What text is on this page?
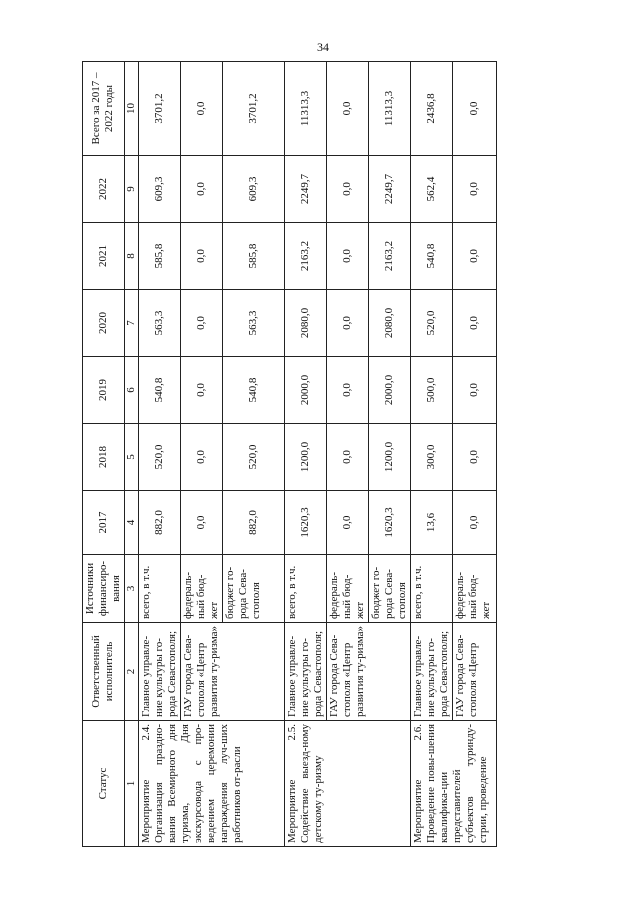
34
Статус	Ответственный исполнитель	Источники финансиро-вания	2017	2018	2019	2020	2021	2022	Всего за 2017 – 2022 годы
1	2	3	4	5	6	7	8	9	10
Мероприятие 2.4. Организация праздно-вания Всемирного дня туризма, Дня экскурсовода с про-ведением церемонии награждения луч-ших работников от-расли	Главное управле-ние культуры го-рода Севастополя;	всего, в т.ч.	882,0	520,0	540,8	563,3	585,8	609,3	3701,2
	ГАУ города Сева-стополя «Центр развития ту-ризма»	федераль-ный бюд-жет	0,0	0,0	0,0	0,0	0,0	0,0	0,0
		бюджет го-рода Сева-стополя	882,0	520,0	540,8	563,3	585,8	609,3	3701,2
Мероприятие 2.5. Содействие выезд-ному детскому ту-ризму	Главное управле-ние культуры го-рода Севастополя;	всего, в т.ч.	1620,3	1200,0	2000,0	2080,0	2163,2	2249,7	11313,3
	ГАУ города Сева-стополя «Центр развития ту-ризма»	федераль-ный бюд-жет	0,0	0,0	0,0	0,0	0,0	0,0	0,0
		бюджет го-рода Сева-стополя	1620,3	1200,0	2000,0	2080,0	2163,2	2249,7	11313,3
Мероприятие 2.6. Проведение повы-шения квалифика-ции представителей субъектов туринду-стрии, проведение	Главное управле-ние культуры го-рода Севастополя;	всего, в т.ч.	13,6	300,0	500,0	520,0	540,8	562,4	2436,8
	ГАУ города Сева-стополя «Центр	федераль-ный бюд-жет	0,0	0,0	0,0	0,0	0,0	0,0	0,0
